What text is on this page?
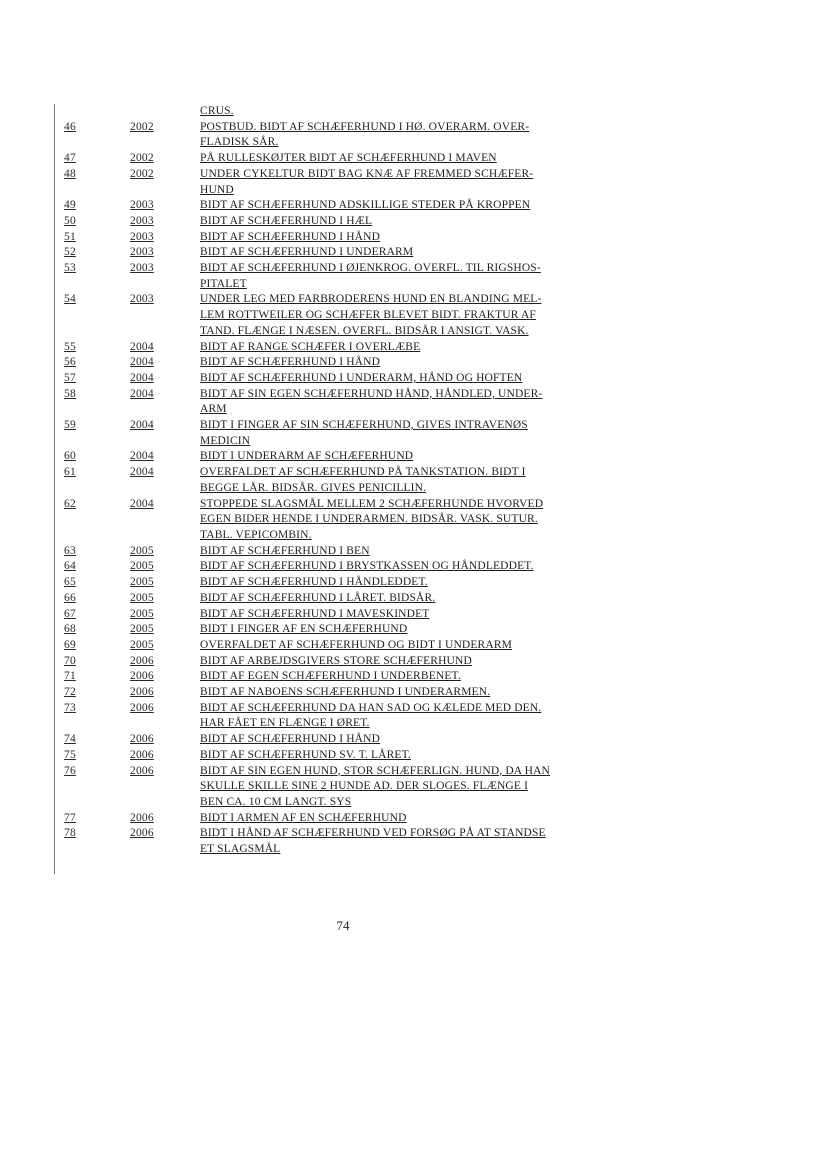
CRUS.
46	2002	POSTBUD. BIDT AF SCHÆFERHUND I HØ. OVERARM. OVER-
FLADISK SÅR.
47	2002	PÅ RULLESKØJTER BIDT AF SCHÆFERHUND I MAVEN
48	2002	UNDER CYKELTUR BIDT BAG KNÆ AF FREMMED SCHÆFER-
HUND
49	2003	BIDT AF SCHÆFERHUND ADSKILLIGE STEDER PÅ KROPPEN
50	2003	BIDT AF SCHÆFERHUND I HÆL
51	2003	BIDT AF SCHÆFERHUND I HÅND
52	2003	BIDT AF SCHÆFERHUND I UNDERARM
53	2003	BIDT AF SCHÆFERHUND I ØJENKROG. OVERFL. TIL RIGSHOS-
PITALET
54	2003	UNDER LEG MED FARBRODERENS HUND EN BLANDING MEL-
LEM ROTTWEILER OG SCHÆFER BLEVET BIDT. FRAKTUR AF
TAND. FLÆNGE I NÆSEN. OVERFL. BIDSÅR I ANSIGT. VASK.
55	2004	BIDT AF RANGE SCHÆFER I OVERLÆBE
56	2004	BIDT AF SCHÆFERHUND I HÅND
57	2004	BIDT AF SCHÆFERHUND I UNDERARM, HÅND OG HOFTEN
58	2004	BIDT AF SIN EGEN SCHÆFERHUND HÅND, HÅNDLED, UNDER-
ARM
59	2004	BIDT I FINGER AF SIN SCHÆFERHUND, GIVES INTRAVENØS
MEDICIN
60	2004	BIDT I UNDERARM AF SCHÆFERHUND
61	2004	OVERFALDET AF SCHÆFERHUND PÅ TANKSTATION. BIDT I
BEGGE LÅR. BIDSÅR. GIVES PENICILLIN.
62	2004	STOPPEDE SLAGSMÅL MELLEM 2 SCHÆFERHUNDE HVORVED
EGEN BIDER HENDE I UNDERARMEN. BIDSÅR. VASK. SUTUR.
TABL. VEPICOMBIN.
63	2005	BIDT AF SCHÆFERHUND I BEN
64	2005	BIDT AF SCHÆFERHUND I BRYSTKASSEN OG HÅNDLEDDET.
65	2005	BIDT AF SCHÆFERHUND I HÅNDLEDDET.
66	2005	BIDT AF SCHÆFERHUND I LÅRET. BIDSÅR.
67	2005	BIDT AF SCHÆFERHUND I MAVESKINDET
68	2005	BIDT I FINGER AF EN SCHÆFERHUND
69	2005	OVERFALDET AF SCHÆFERHUND OG BIDT I UNDERARM
70	2006	BIDT AF ARBEJDSGIVERS STORE SCHÆFERHUND
71	2006	BIDT AF EGEN SCHÆFERHUND I UNDERBENET.
72	2006	BIDT AF NABOENS SCHÆFERHUND I UNDERARMEN.
73	2006	BIDT AF SCHÆFERHUND DA HAN SAD OG KÆLEDE MED DEN.
HAR FÅET EN FLÆNGE I ØRET.
74	2006	BIDT AF SCHÆFERHUND I HÅND
75	2006	BIDT AF SCHÆFERHUND SV. T. LÅRET.
76	2006	BIDT AF SIN EGEN HUND, STOR SCHÆFERLIGN. HUND, DA HAN
SKULLE SKILLE SINE 2 HUNDE AD. DER SLOGES. FLÆNGE I
BEN CA. 10 CM LANGT. SYS
77	2006	BIDT I ARMEN AF EN SCHÆFERHUND
78	2006	BIDT I HÅND AF SCHÆFERHUND VED FORSØG PÅ AT STANDSE
ET SLAGSMÅL
74
